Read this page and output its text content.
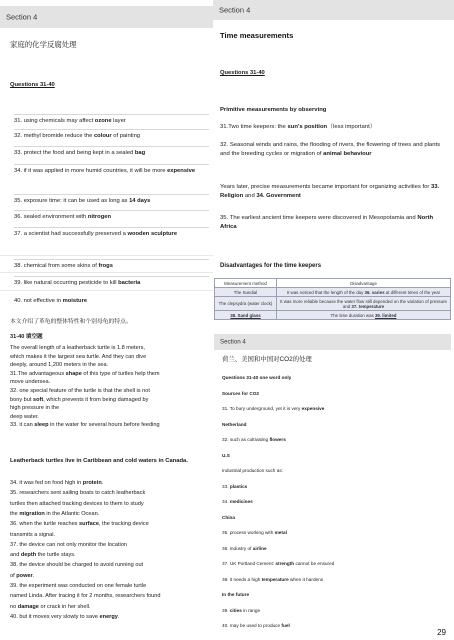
Section 4
家庭的化学反腐处理
Questions 31-40
31. using chemicals may affect ozone layer
32. methyl bromide reduce the colour of painting
33. protect the food and being kept in a sealed bag
34. if it was applied in more humid countries, it will be more expensive
35. exposure time: it can be used as long as 14 days
36. sealed environment with nitrogen
37. a scientist had successfully preserved a wooden sculpture
38. chemical from some skins of frogs
39. like natural occurring pesticide to kill bacteria
40. not effective in moisture
本文介绍了革龟的整体特性和个别母龟的特点。
31-40 填空题
The overall length of a leatherback turtle is 1.8 meters,
which makes it the largest sea turtle. And they can dive
deeply, around 1,200 meters in the sea.
31.The advantageous shape of this type of turtles help them
move undersea.
32. one special feature of the turtle is that the shell is not
bony but soft, which prevents it from being damaged by
high pressure in the
deep water.
33. it can sleep in the water for several hours before feeding
Leatherback turtles live in Caribbean and cold waters in Canada.
34. it was fed on food high in protein.
35. researchers sent sailing boats to catch leatherback
turtles then attached tracking devices to them to study
the migration in the Atlantic Ocean.
36. when the turtle reaches surface, the tracking device
transmits a signal.
37. the device can not only monitor the location
and depth the turtle stays.
38. the device should be charged to avoid running out
of power.
39. the experiment was conducted on one female turtle
named Linda. After tracing it for 2 months, researchers found
no damage or crack in her shell.
40. but it moves very slowly to save energy.
Section 4
Time measurements
Questions 31-40
Primitive measurements by observing
31.Two time keepers: the sun's position（less important）
32. Seasonal winds and rains, the flooding of rivers, the flowering of trees and plants and the breeding cycles or migration of animal behaviour
Years later, precise measurements became important for organizing activities for 33. Religion and 34. Government
35. The earliest ancient time keepers were discovered in Mesopotamia and North Africa
Disadvantages for the time keepers
Measurement method	Disadvantage
The Sundial	It was noticed that the length of the day 36. varies at different times of the year
The clepsydra (water clock)	It was more reliable because the water flow still depended on the variation of pressure and 37. temperature
38. Sand glass	The time duration was 39. limited
Section 4
荷兰、美国和中国对CO2的处理
Questions 31-40 one word only
Sources for CO2
31. To bury underground, yet it is very expensive
Netherland
32. such as cultivating flowers
U.S
Industrial production such as:
33. plastics
34. medicines
China
35. process working with metal
36. industry of airline
37. UK Portland Cement: strength cannot be ensured
38. it needs a high temperature when it hardens
In the future
39. cities in range
40. may be used to produce fuel
29
